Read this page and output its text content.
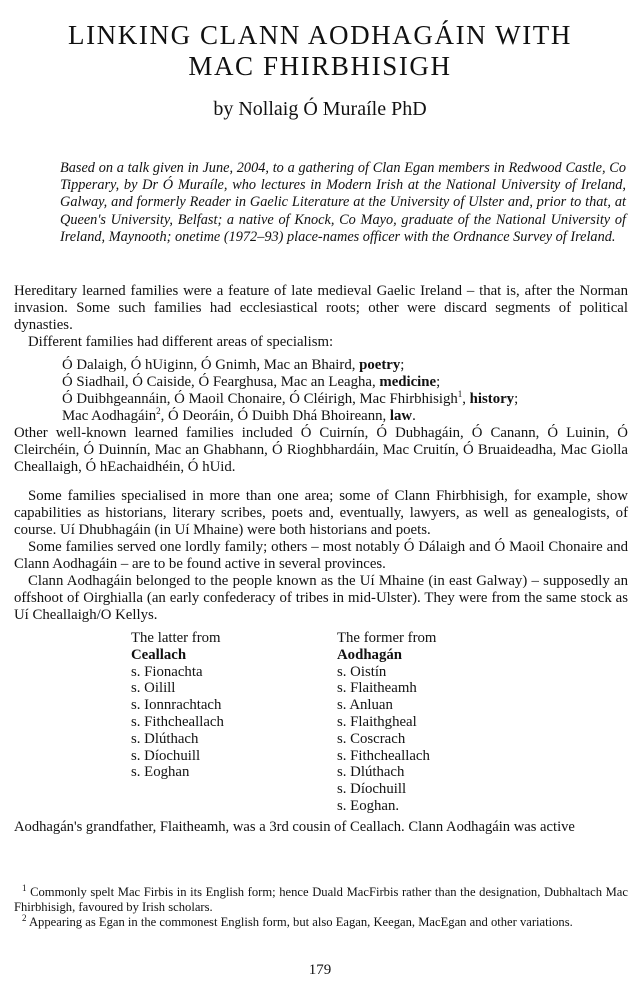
LINKING CLANN AODHAGÁIN WITH
MAC FHIRBHISIGH
by Nollaig Ó Muraíle PhD

Based on a talk given in June, 2004, to a gathering of Clan Egan members in Redwood Castle, Co Tipperary, by Dr Ó Muraíle, who lectures in Modern Irish at the National University of Ireland, Galway, and formerly Reader in Gaelic Literature at the University of Ulster and, prior to that, at Queen's University, Belfast; a native of Knock, Co Mayo, graduate of the National University of Ireland, Maynooth; onetime (1972–93) place-names officer with the Ordnance Survey of Ireland.

Hereditary learned families were a feature of late medieval Gaelic Ireland – that is, after the Norman invasion. Some such families had ecclesiastical roots; other were discard segments of political dynasties.

Different families had different areas of specialism:

Ó Dalaigh, Ó hUiginn, Ó Gnimh, Mac an Bhaird, poetry;
Ó Siadhail, Ó Caiside, Ó Fearghusa, Mac an Leagha, medicine;
Ó Duibhgeannáin, Ó Maoil Chonaire, Ó Cléirigh, Mac Fhirbhisigh$^1$, history;
Mac Aodhagáin$^2$, Ó Deoráin, Ó Duibh Dhá Bhoireann, law.

Other well-known learned families included Ó Cuirnín, Ó Dubhagáin, Ó Canann, Ó Luinin, Ó Cleirchéin, Ó Duinnín, Mac an Ghabhann, Ó Rioghbhardáin, Mac Cruitín, Ó Bruaideadha, Mac Giolla Cheallaigh, Ó hEachaidhéin, Ó hUid.

Some families specialised in more than one area; some of Clann Fhirbhisigh, for example, show capabilities as historians, literary scribes, poets and, eventually, lawyers, as well as genealogists, of course. Uí Dhubhagáin (in Uí Mhaine) were both historians and poets.

Some families served one lordly family; others – most notably Ó Dálaigh and Ó Maoil Chonaire and Clann Aodhagáin – are to be found active in several provinces.

Clann Aodhagáin belonged to the people known as the Uí Mhaine (in east Galway) – supposedly an offshoot of Oirghialla (an early confederacy of tribes in mid-Ulster). They were from the same stock as Uí Cheallaigh/O Kellys.

The latter from
Ceallach
s. Fionachta
s. Oilill
s. Ionnrachtach
s. Fithcheallach
s. Dlúthach
s. Díochuill
s. Eoghan
The former from
Aodhagán
s. Oistín
s. Flaitheamh
s. Anluan
s. Flaithgheal
s. Coscrach
s. Fithcheallach
s. Dlúthach
s. Díochuill
s. Eoghan.

Aodhagán's grandfather, Flaitheamh, was a 3rd cousin of Ceallach. Clann Aodhagáin was active

$^1$ Commonly spelt Mac Firbis in its English form; hence Duald MacFirbis rather than the designation, Dubhaltach Mac Fhirbhisigh, favoured by Irish scholars.

$^2$ Appearing as Egan in the commonest English form, but also Eagan, Keegan, MacEgan and other variations.

179
